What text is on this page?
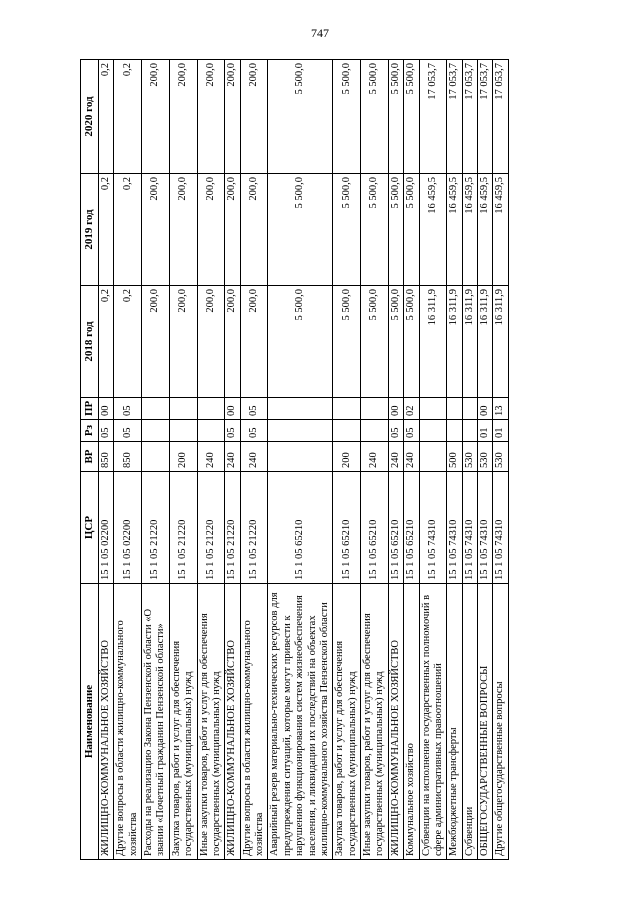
747
Наименование	ЦСР	ВР	Рз	ПР	2018 год	2019 год	2020 год
ЖИЛИЩНО-КОММУНАЛЬНОЕ ХОЗЯЙСТВО	15 1 05 02200	850	05	00	0,2	0,2	0,2
Другие вопросы в области жилищно-коммунального хозяйства	15 1 05 02200	850	05	05	0,2	0,2	0,2
Расходы на реализацию Закона Пензенской области «О звании «Почетный гражданин Пензенской области»	15 1 05 21220				200,0	200,0	200,0
Закупка товаров, работ и услуг для обеспечения государственных (муниципальных) нужд	15 1 05 21220	200			200,0	200,0	200,0
Иные закупки товаров, работ и услуг для обеспечения государственных (муниципальных) нужд	15 1 05 21220	240			200,0	200,0	200,0
ЖИЛИЩНО-КОММУНАЛЬНОЕ ХОЗЯЙСТВО	15 1 05 21220	240	05	00	200,0	200,0	200,0
Другие вопросы в области жилищно-коммунального хозяйства	15 1 05 21220	240	05	05	200,0	200,0	200,0
Аварийный резерв материально-технических ресурсов для предупреждения ситуаций, которые могут привести к нарушению функционирования систем жизнеобеспечения населения, и ликвидации их последствий на объектах жилищно-коммунального хозяйства Пензенской области	15 1 05 65210				5 500,0	5 500,0	5 500,0
Закупка товаров, работ и услуг для обеспечения государственных (муниципальных) нужд	15 1 05 65210	200			5 500,0	5 500,0	5 500,0
Иные закупки товаров, работ и услуг для обеспечения государственных (муниципальных) нужд	15 1 05 65210	240			5 500,0	5 500,0	5 500,0
ЖИЛИЩНО-КОММУНАЛЬНОЕ ХОЗЯЙСТВО	15 1 05 65210	240	05	00	5 500,0	5 500,0	5 500,0
Коммунальное хозяйство	15 1 05 65210	240	05	02	5 500,0	5 500,0	5 500,0
Субвенции на исполнение государственных полномочий в сфере административных правоотношений	15 1 05 74310				16 311,9	16 459,5	17 053,7
Межбюджетные трансферты	15 1 05 74310	500			16 311,9	16 459,5	17 053,7
Субвенции	15 1 05 74310	530			16 311,9	16 459,5	17 053,7
ОБЩЕГОСУДАРСТВЕННЫЕ ВОПРОСЫ	15 1 05 74310	530	01	00	16 311,9	16 459,5	17 053,7
Другие общегосударственные вопросы	15 1 05 74310	530	01	13	16 311,9	16 459,5	17 053,7
